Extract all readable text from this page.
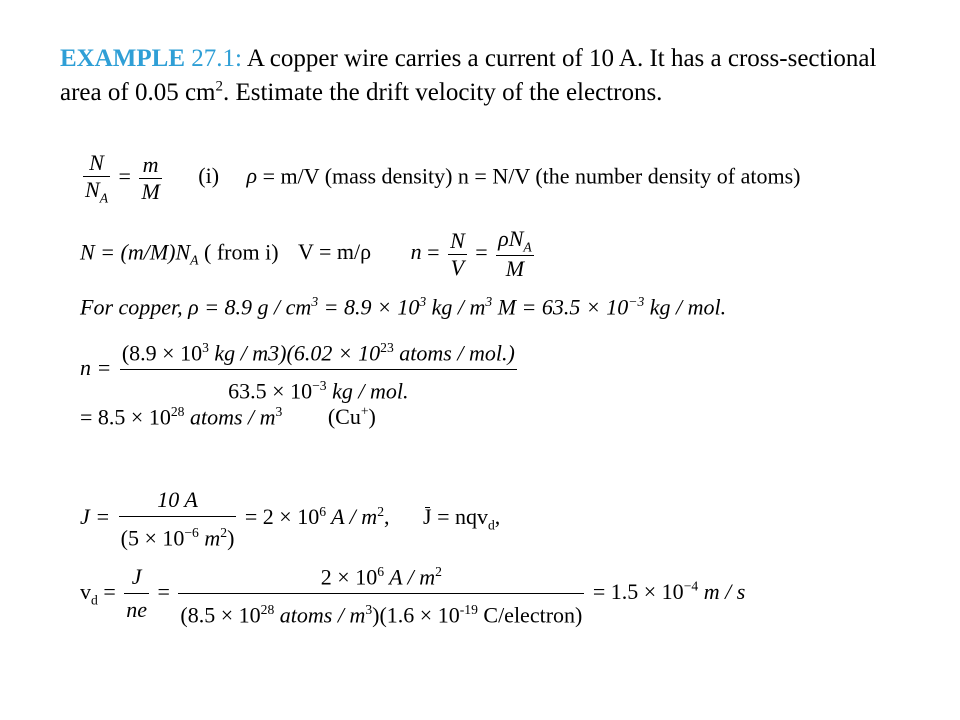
EXAMPLE 27.1: A copper wire carries a current of 10 A. It has a cross-sectional area of 0.05 $cm^2$. Estimate the drift velocity of the electrons.

$\frac{N}{N_A} = \frac{m}{M} (i) \rho = m/V$ (mass density) n = N/V (the number density of atoms)
$N = (m/M)N_A$ ( from i) V = m/ρ $n = \frac{N}{V} = \frac{\rho N_A}{M}$
For copper, ρ = 8.9 $g / cm^3 = 8.9 \times 10^3$ kg / $m^3$ $M = 63.5 \times 10^{-3}$ kg / mol.
$n = \frac{(8.9 \times 10^3 kg / m3)(6.02 \times 10^{23} atoms / mol.)}{63.5 \times 10^{-3} kg / mol.}$
= $8.5 \times 10^{28}$ atoms / $m^3$ (Cu+)
$J = \frac{10 A}{(5 \times 10^{-6} m^2)} = 2 \times 10^6$ A / $m^2$, J = nqv$_d$,
$v_d = \frac{J}{ne} = \frac{2 \times 10^6 A / m^2}{(8.5 \times 10^{28} atoms / m^3)(1.6 \times 10^{-19} C/electron)} = 1.5 \times 10^{-4}$ m / s
